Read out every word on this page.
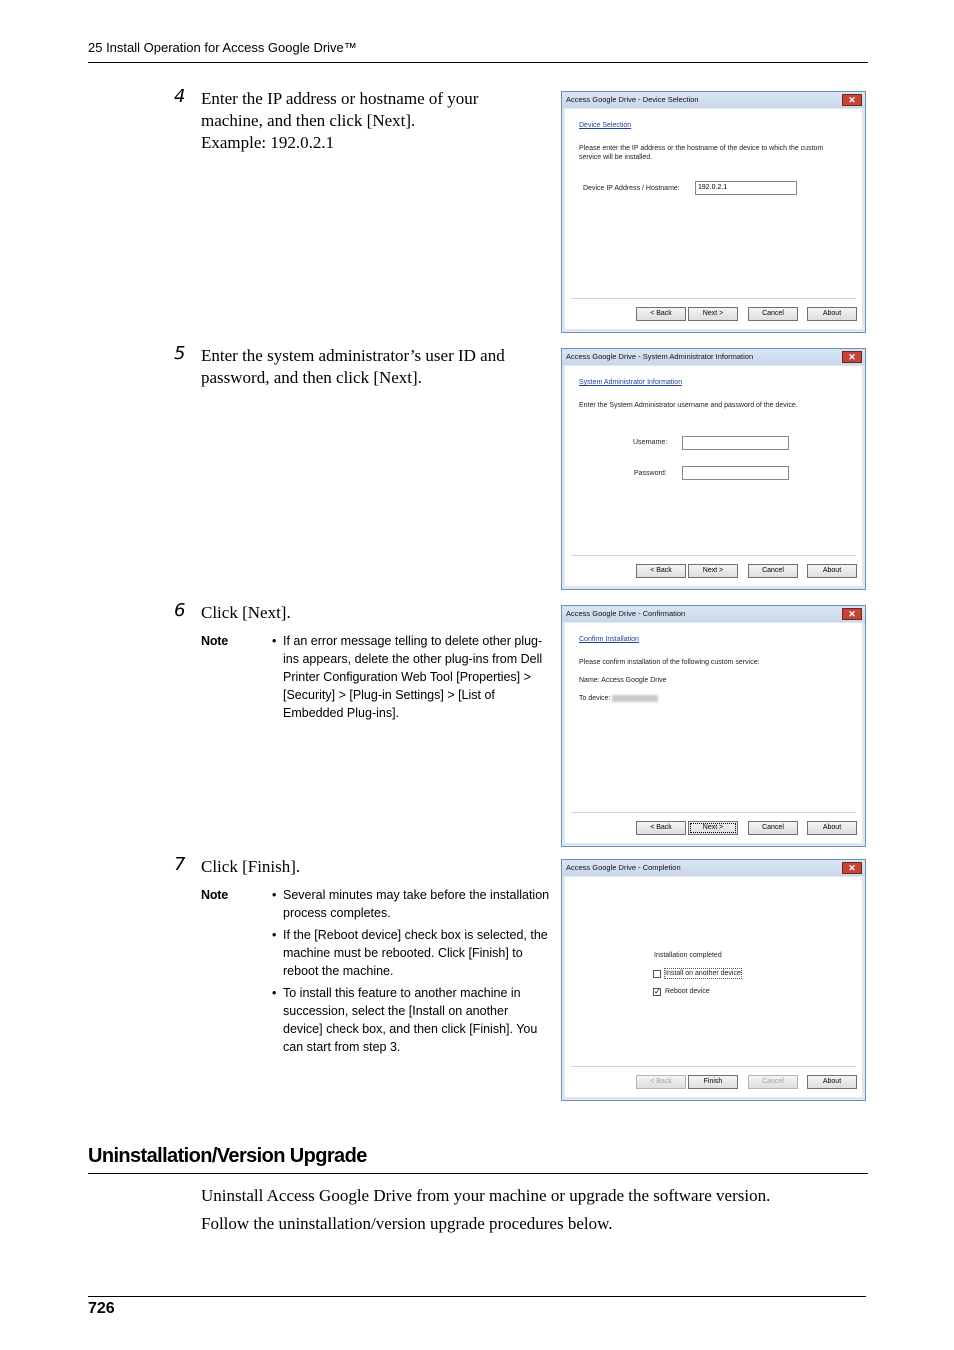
25 Install Operation for Access Google Drive™
4 Enter the IP address or hostname of your
machine, and then click [Next].
Example: 192.0.2.1
Access Google Drive - Device Selection	✕
Device Selection
Please enter the IP address or the hostname of the device to which the custom
service will be installed.
Device IP Address / Hostname:	192.0.2.1
< Back	Next >	Cancel	About
5 Enter the system administrator’s user ID and
password, and then click [Next].
Access Google Drive - System Administrator Information	✕
System Administrator Information
Enter the System Administrator username and password of the device.
Username:
Password:
< Back	Next >	Cancel	About
6 Click [Next].
Note	• If an error message telling to delete other plug-ins appears, delete the other plug-ins from Dell Printer Configuration Web Tool [Properties] > [Security] > [Plug-in Settings] > [List of Embedded Plug-ins].
Access Google Drive - Confirmation	✕
Confirm Installation
Please confirm installation of the following custom service:
Name: Access Google Drive
To device:
< Back	Next >	Cancel	About
7 Click [Finish].
Note	• Several minutes may take before the installation process completes.
• If the [Reboot device] check box is selected, the machine must be rebooted. Click [Finish] to reboot the machine.
• To install this feature to another machine in succession, select the [Install on another device] check box, and then click [Finish]. You can start from step 3.
Access Google Drive - Completion	✕
Installation completed
Install on another device
✓ Reboot device
< Back	Finish	Cancel	About
Uninstallation/Version Upgrade
Uninstall Access Google Drive from your machine or upgrade the software version.
Follow the uninstallation/version upgrade procedures below.
726
